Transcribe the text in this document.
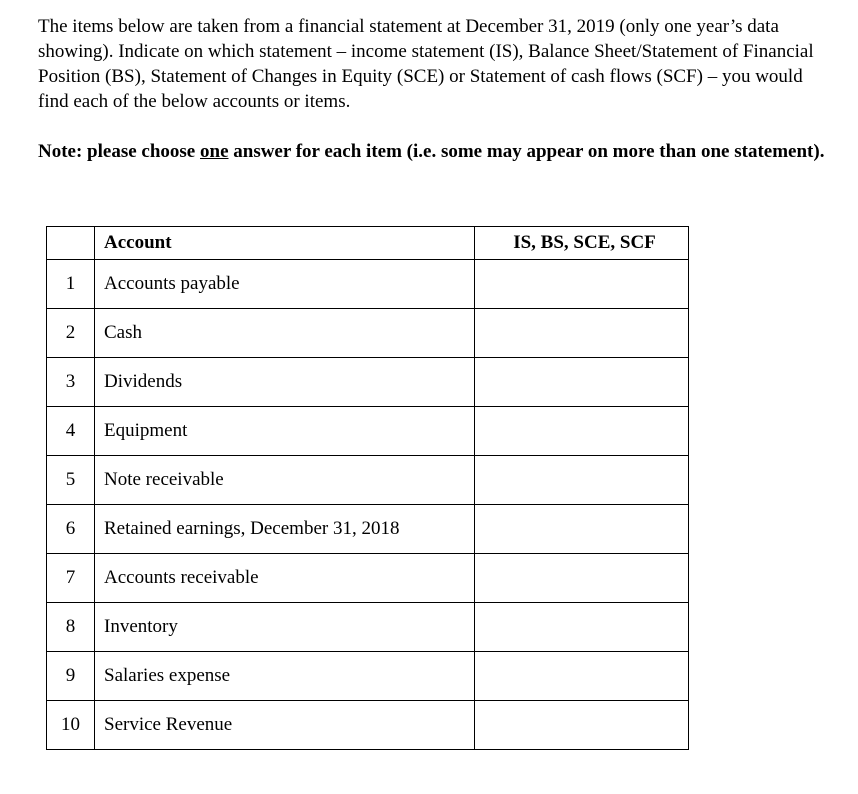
The items below are taken from a financial statement at December 31, 2019 (only one year’s data showing). Indicate on which statement – income statement (IS), Balance Sheet/Statement of Financial Position (BS), Statement of Changes in Equity (SCE) or Statement of cash flows (SCF) – you would find each of the below accounts or items.

Note: please choose one answer for each item (i.e. some may appear on more than one statement).

	Account	IS, BS, SCE, SCF
1	Accounts payable	
2	Cash	
3	Dividends	
4	Equipment	
5	Note receivable	
6	Retained earnings, December 31, 2018	
7	Accounts receivable	
8	Inventory	
9	Salaries expense	
10	Service Revenue	
